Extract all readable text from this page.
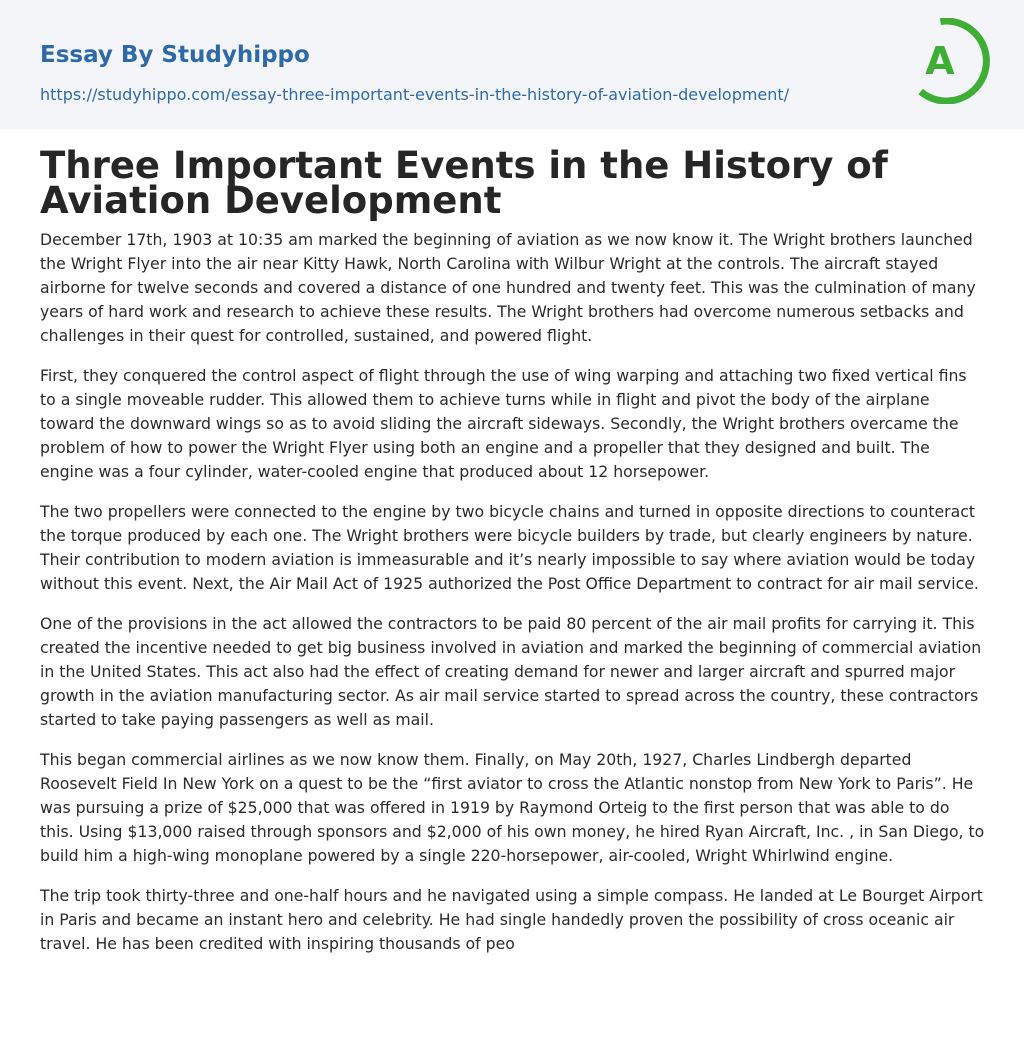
Essay By Studyhippo
https://studyhippo.com/essay-three-important-events-in-the-history-of-aviation-development/
A
Three Important Events in the History of Aviation Development

December 17th, 1903 at 10:35 am marked the beginning of aviation as we now know it. The Wright brothers launched the Wright Flyer into the air near Kitty Hawk, North Carolina with Wilbur Wright at the controls. The aircraft stayed airborne for twelve seconds and covered a distance of one hundred and twenty feet. This was the culmination of many years of hard work and research to achieve these results. The Wright brothers had overcome numerous setbacks and challenges in their quest for controlled, sustained, and powered flight.

First, they conquered the control aspect of flight through the use of wing warping and attaching two fixed vertical fins to a single moveable rudder. This allowed them to achieve turns while in flight and pivot the body of the airplane toward the downward wings so as to avoid sliding the aircraft sideways. Secondly, the Wright brothers overcame the problem of how to power the Wright Flyer using both an engine and a propeller that they designed and built. The engine was a four cylinder, water-cooled engine that produced about 12 horsepower.

The two propellers were connected to the engine by two bicycle chains and turned in opposite directions to counteract the torque produced by each one. The Wright brothers were bicycle builders by trade, but clearly engineers by nature. Their contribution to modern aviation is immeasurable and it’s nearly impossible to say where aviation would be today without this event. Next, the Air Mail Act of 1925 authorized the Post Office Department to contract for air mail service.

One of the provisions in the act allowed the contractors to be paid 80 percent of the air mail profits for carrying it. This created the incentive needed to get big business involved in aviation and marked the beginning of commercial aviation in the United States. This act also had the effect of creating demand for newer and larger aircraft and spurred major growth in the aviation manufacturing sector. As air mail service started to spread across the country, these contractors started to take paying passengers as well as mail.

This began commercial airlines as we now know them. Finally, on May 20th, 1927, Charles Lindbergh departed Roosevelt Field In New York on a quest to be the “first aviator to cross the Atlantic nonstop from New York to Paris”. He was pursuing a prize of $25,000 that was offered in 1919 by Raymond Orteig to the first person that was able to do this. Using $13,000 raised through sponsors and $2,000 of his own money, he hired Ryan Aircraft, Inc. , in San Diego, to build him a high-wing monoplane powered by a single 220-horsepower, air-cooled, Wright Whirlwind engine.

The trip took thirty-three and one-half hours and he navigated using a simple compass. He landed at Le Bourget Airport in Paris and became an instant hero and celebrity. He had single handedly proven the possibility of cross oceanic air travel. He has been credited with inspiring thousands of peo
